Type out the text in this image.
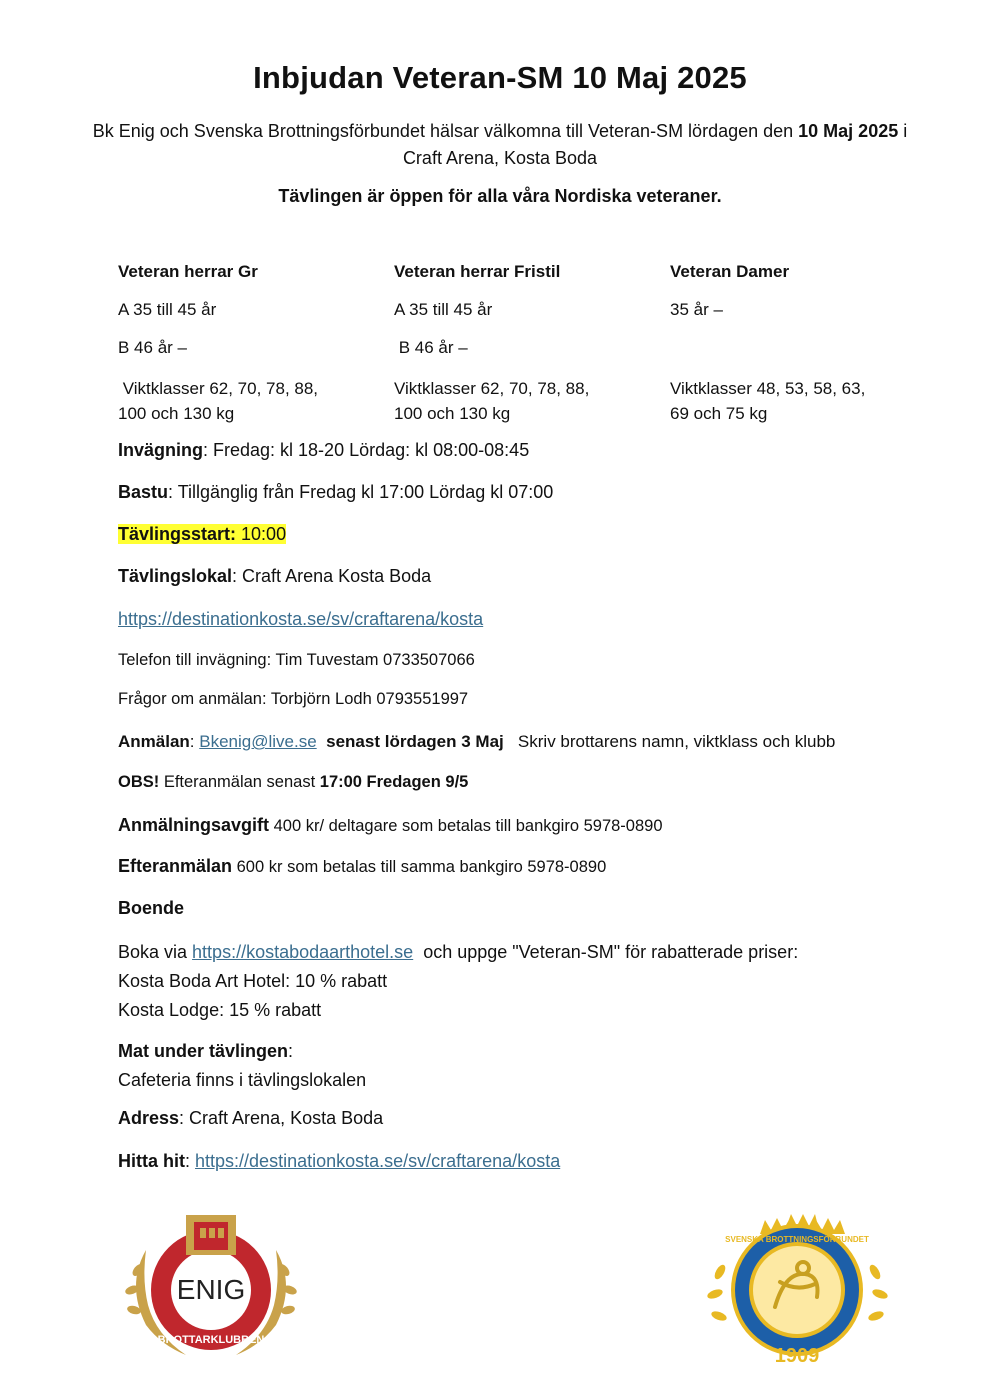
Inbjudan Veteran-SM 10 Maj 2025
Bk Enig och Svenska Brottningsförbundet hälsar välkomna till Veteran-SM lördagen den 10 Maj 2025 i
Craft Arena, Kosta Boda
Tävlingen är öppen för alla våra Nordiska veteraner.
Veteran herrar Gr
A 35 till 45 år
B 46 år –
Viktklasser 62, 70, 78, 88,
100 och 130 kg
Veteran herrar Fristil
A 35 till 45 år
B 46 år –
Viktklasser 62, 70, 78, 88,
100 och 130 kg
Veteran Damer
35 år –
Viktklasser 48, 53, 58, 63,
69 och 75 kg
Invägning: Fredag: kl 18-20 Lördag: kl 08:00-08:45
Bastu: Tillgänglig från Fredag kl 17:00 Lördag kl 07:00
Tävlingsstart: 10:00
Tävlingslokal: Craft Arena Kosta Boda
https://destinationkosta.se/sv/craftarena/kosta
Telefon till invägning: Tim Tuvestam 0733507066
Frågor om anmälan: Torbjörn Lodh 0793551997
Anmälan: Bkenig@live.se  senast lördagen 3 Maj   Skriv brottarens namn, viktklass och klubb
OBS! Efteranmälan senast 17:00 Fredagen 9/5
Anmälningsavgift 400 kr/ deltagare som betalas till bankgiro 5978-0890
Efteranmälan 600 kr som betalas till samma bankgiro 5978-0890
Boende
Boka via https://kostabodaarthotel.se  och uppge "Veteran-SM" för rabatterade priser:
Kosta Boda Art Hotel: 10 % rabatt
Kosta Lodge: 15 % rabatt
Mat under tävlingen:
Cafeteria finns i tävlingslokalen
Adress: Craft Arena, Kosta Boda
Hitta hit: https://destinationkosta.se/sv/craftarena/kosta
ENIG
BROTTARKLUBBEN
SVENSKA BROTTNINGSFÖRBUNDET
1909
